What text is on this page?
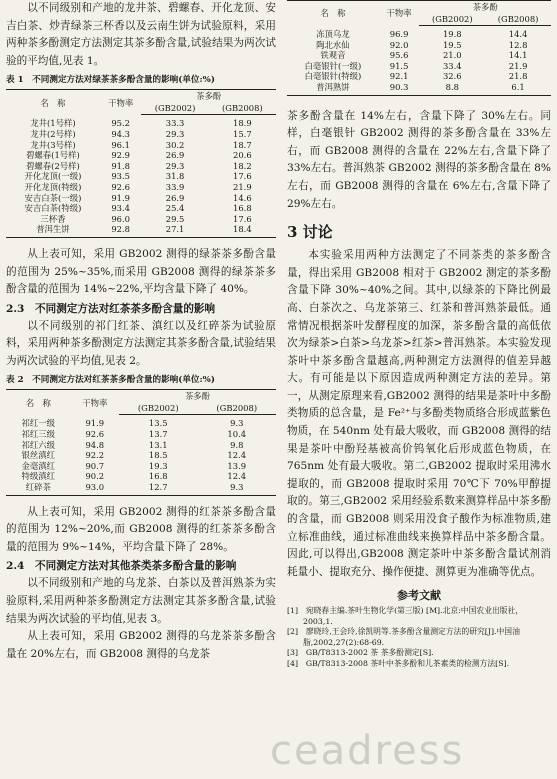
以不同级别和产地的龙井茶、碧螺春、开化龙顶、安吉白茶、炒青绿茶三杯香以及云南生饼为试验原料，采用两种茶多酚测定方法测定其茶多酚含量,试验结果为两次试验的平均值,见表 1。

表 1　不同测定方法对绿茶茶多酚含量的影响(单位:%)
名　称	干物率	茶多酚	
		(GB2002)	(GB2008)
龙井(1号样)	95.2	33.3	18.9
龙井(2号样)	94.3	29.3	15.7
龙井(3号样)	96.1	30.2	18.7
碧螺春(1号样)	92.9	26.9	20.6
碧螺春(2号样)	91.8	29.3	18.2
开化龙顶(一级)	93.5	31.8	17.6
开化龙顶(特级)	92.6	33.9	21.9
安吉白茶(一级)	91.9	26.9	14.6
安吉白茶(特级)	93.4	25.4	16.8
三杯香	96.0	29.5	17.6
普洱生饼	92.8	27.1	18.4

从上表可知，采用 GB2002 测得的绿茶茶多酚含量的范围为 25%~35%,而采用 GB2008 测得的绿茶茶多酚含量的范围为 14%~22%,平均含量下降了 40%。

2.3　不同测定方法对红茶茶多酚含量的影响

以不同级别的祁门红茶、滇红以及红碎茶为试验原料，采用两种茶多酚测定方法测定其茶多酚含量,试验结果为两次试验的平均值,见表 2。

表 2　不同测定方法对红茶茶多酚含量的影响(单位:%)
名　称	干物率	茶多酚	
		(GB2002)	(GB2008)
祁红一级	91.9	13.5	9.3
祁红三级	92.6	13.7	10.4
祁红六级	94.8	13.1	9.8
银丝滇红	92.2	18.5	12.4
金毫滇红	90.7	19.3	13.9
特级滇红	90.2	16.8	12.4
红碎茶	93.0	12.7	9.3

从上表可知，采用 GB2002 测得的红茶茶多酚含量的范围为 12%~20%,而 GB2008 测得的红茶茶多酚含量的范围为 9%~14%，平均含量下降了 28%。

2.4　不同测定方法对其他茶类茶多酚含量的影响

以不同级别和产地的乌龙茶、白茶以及普洱熟茶为实验原料,采用两种茶多酚测定方法测定其茶多酚含量,试验结果为两次试验的平均值,见表 3。

从上表可知，采用 GB2002 测得的乌龙茶茶多酚含量在 20%左右，而 GB2008 测得的乌龙茶

名　称	干物率	茶多酚	
		(GB2002)	(GB2008)
冻顶乌龙	96.9	19.8	14.4
陶北水仙	92.0	19.5	12.8
铁观音	95.6	21.0	14.1
白毫银针(一级)	91.5	33.4	21.9
白毫银针(特级)	92.1	32.6	21.8
普洱熟饼	90.3	8.8	6.1

茶多酚含量在 14%左右，含量下降了 30%左右。同样，白毫银针 GB2002 测得的茶多酚含量在 33%左右，而 GB2008 测得的含量在 22%左右,含量下降了 33%左右。普洱熟茶 GB2002 测得的茶多酚含量在 8%左右，而 GB2008 测得的含量在 6%左右,含量下降了 29%左右。

3 讨论

本实验采用两种方法测定了不同茶类的茶多酚含量，得出采用 GB2008 相对于 GB2002 测定的茶多酚含量下降 30%~40%之间。其中,以绿茶的下降比例最高、白茶次之、乌龙茶第三、红茶和普洱熟茶最低。通常情况根据茶叶发酵程度的加深，茶多酚含量的高低依次为绿茶>白茶>乌龙茶>红茶>普洱熟茶。本实验发现茶叶中茶多酚含量越高,两种测定方法测得的值差异越大。有可能是以下原因造成两种测定方法的差异。第一，从测定原理来看,GB2002 测得的结果是茶叶中多酚类物质的总含量，是 Fe²⁺与多酚类物质络合形成蓝紫色物质，在 540nm 处有最大吸收，而 GB2008 测得的结果是茶叶中酚羟基被高价钨氧化后形成蓝色物质，在 765nm 处有最大吸收。第二,GB2002 提取时采用沸水提取的，而 GB2008 提取时采用 70℃下 70%甲醇提取的。第三,GB2002 采用经验系数来测算样品中茶多酚的含量，而 GB2008 则采用没食子酸作为标准物质,建立标准曲线，通过标准曲线来换算样品中茶多酚含量。因此,可以得出,GB2008 测定茶叶中茶多酚含量试剂消耗量小、提取充分、操作便捷、测算更为准确等优点。

参考文献
[1]　宛晓春主编.茶叶生物化学(第三版) [M].北京:中国农业出版社，2003,1.
[2]　廖晓玲,王会玲,徐凯明等.茶多酚含量测定方法的研究[J].中国油脂,2002,27(2):68-69.
[3]　GB/T8313-2002 茶 茶多酚测定[S].
[4]　GB/T8313-2008 茶叶中茶多酚和儿茶素类的检测方法[S].
ceadress
